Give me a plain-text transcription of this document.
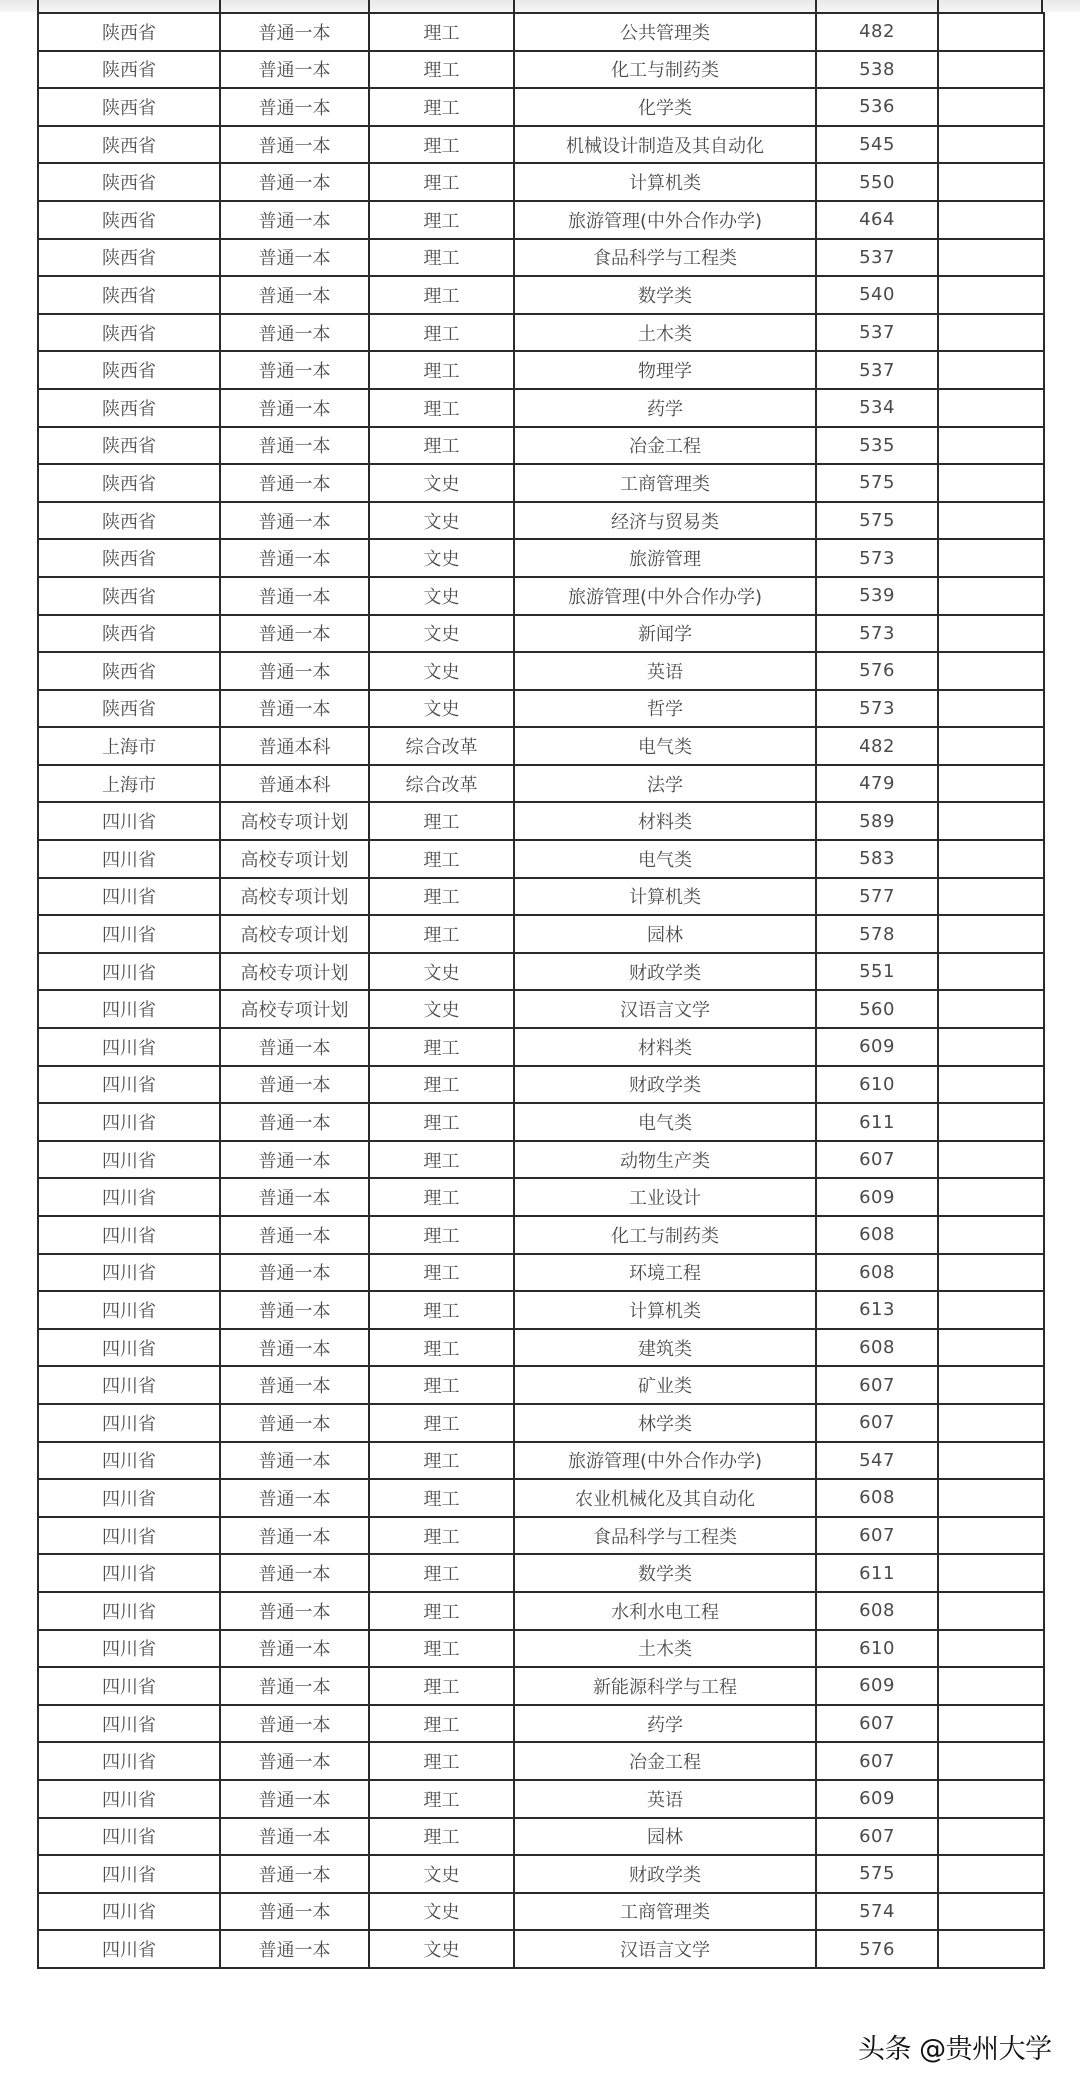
陕西省	普通一本	理工	公共管理类	482	
陕西省	普通一本	理工	化工与制药类	538	
陕西省	普通一本	理工	化学类	536	
陕西省	普通一本	理工	机械设计制造及其自动化	545	
陕西省	普通一本	理工	计算机类	550	
陕西省	普通一本	理工	旅游管理(中外合作办学)	464	
陕西省	普通一本	理工	食品科学与工程类	537	
陕西省	普通一本	理工	数学类	540	
陕西省	普通一本	理工	土木类	537	
陕西省	普通一本	理工	物理学	537	
陕西省	普通一本	理工	药学	534	
陕西省	普通一本	理工	冶金工程	535	
陕西省	普通一本	文史	工商管理类	575	
陕西省	普通一本	文史	经济与贸易类	575	
陕西省	普通一本	文史	旅游管理	573	
陕西省	普通一本	文史	旅游管理(中外合作办学)	539	
陕西省	普通一本	文史	新闻学	573	
陕西省	普通一本	文史	英语	576	
陕西省	普通一本	文史	哲学	573	
上海市	普通本科	综合改革	电气类	482	
上海市	普通本科	综合改革	法学	479	
四川省	高校专项计划	理工	材料类	589	
四川省	高校专项计划	理工	电气类	583	
四川省	高校专项计划	理工	计算机类	577	
四川省	高校专项计划	理工	园林	578	
四川省	高校专项计划	文史	财政学类	551	
四川省	高校专项计划	文史	汉语言文学	560	
四川省	普通一本	理工	材料类	609	
四川省	普通一本	理工	财政学类	610	
四川省	普通一本	理工	电气类	611	
四川省	普通一本	理工	动物生产类	607	
四川省	普通一本	理工	工业设计	609	
四川省	普通一本	理工	化工与制药类	608	
四川省	普通一本	理工	环境工程	608	
四川省	普通一本	理工	计算机类	613	
四川省	普通一本	理工	建筑类	608	
四川省	普通一本	理工	矿业类	607	
四川省	普通一本	理工	林学类	607	
四川省	普通一本	理工	旅游管理(中外合作办学)	547	
四川省	普通一本	理工	农业机械化及其自动化	608	
四川省	普通一本	理工	食品科学与工程类	607	
四川省	普通一本	理工	数学类	611	
四川省	普通一本	理工	水利水电工程	608	
四川省	普通一本	理工	土木类	610	
四川省	普通一本	理工	新能源科学与工程	609	
四川省	普通一本	理工	药学	607	
四川省	普通一本	理工	冶金工程	607	
四川省	普通一本	理工	英语	609	
四川省	普通一本	理工	园林	607	
四川省	普通一本	文史	财政学类	575	
四川省	普通一本	文史	工商管理类	574	
四川省	普通一本	文史	汉语言文学	576	
头条 @贵州大学
